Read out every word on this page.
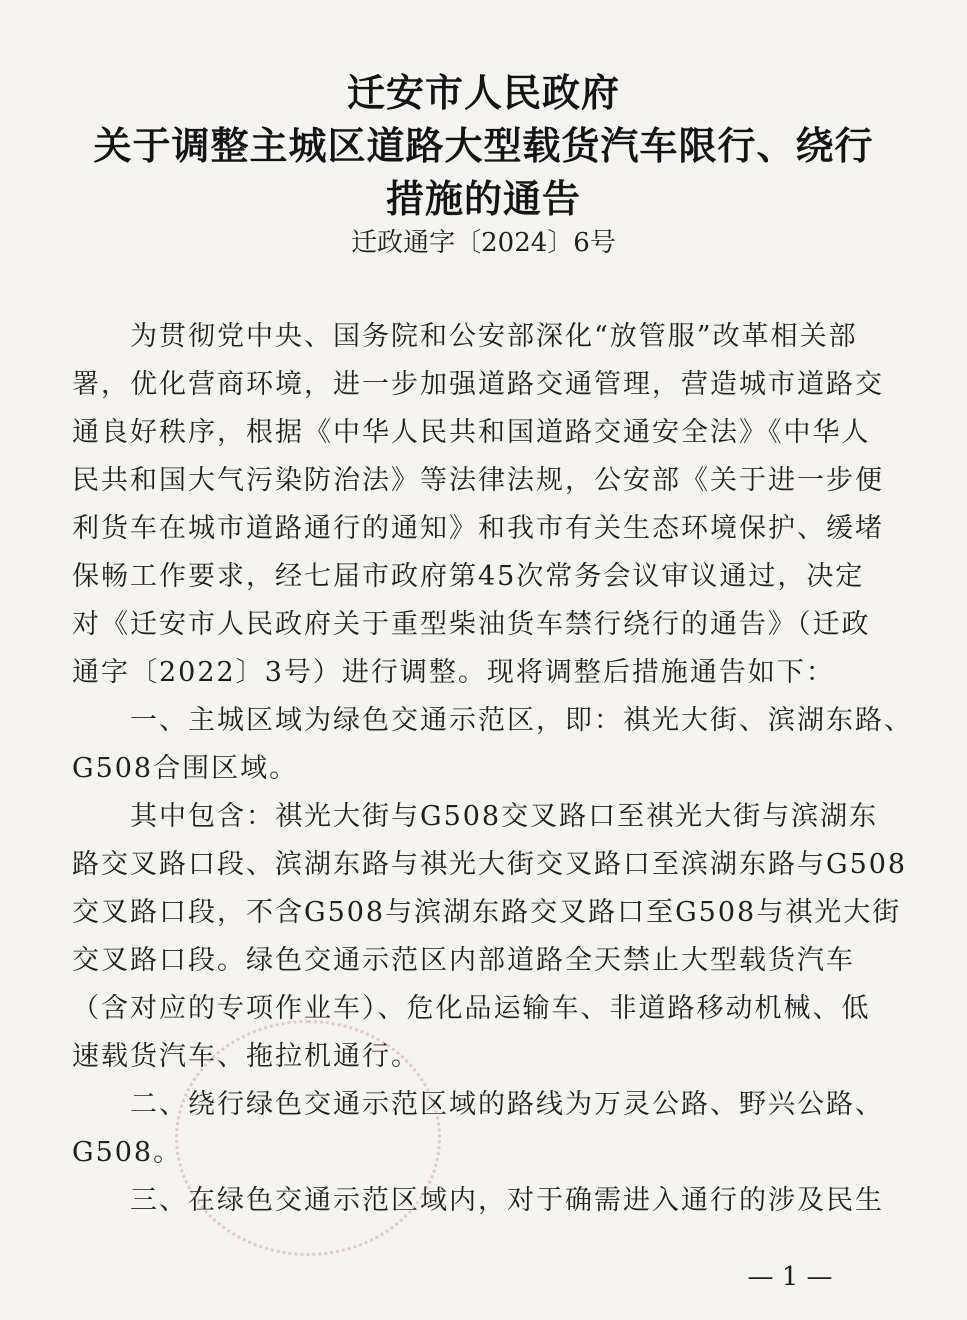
迁安市人民政府
关于调整主城区道路大型载货汽车限行、绕行
措施的通告
迁政通字〔2024〕6号
为贯彻党中央、国务院和公安部深化“放管服”改革相关部
署，优化营商环境，进一步加强道路交通管理，营造城市道路交
通良好秩序，根据《中华人民共和国道路交通安全法》《中华人
民共和国大气污染防治法》等法律法规，公安部《关于进一步便
利货车在城市道路通行的通知》和我市有关生态环境保护、缓堵
保畅工作要求，经七届市政府第45次常务会议审议通过，决定
对《迁安市人民政府关于重型柴油货车禁行绕行的通告》（迁政
通字〔2022〕3号）进行调整。现将调整后措施通告如下：
一、主城区域为绿色交通示范区，即：祺光大街、滨湖东路、
G508合围区域。
其中包含：祺光大街与G508交叉路口至祺光大街与滨湖东
路交叉路口段、滨湖东路与祺光大街交叉路口至滨湖东路与G508
交叉路口段，不含G508与滨湖东路交叉路口至G508与祺光大街
交叉路口段。绿色交通示范区内部道路全天禁止大型载货汽车
（含对应的专项作业车）、危化品运输车、非道路移动机械、低
速载货汽车、拖拉机通行。
二、绕行绿色交通示范区域的路线为万灵公路、野兴公路、
G508。
三、在绿色交通示范区域内，对于确需进入通行的涉及民生
— 1 —
